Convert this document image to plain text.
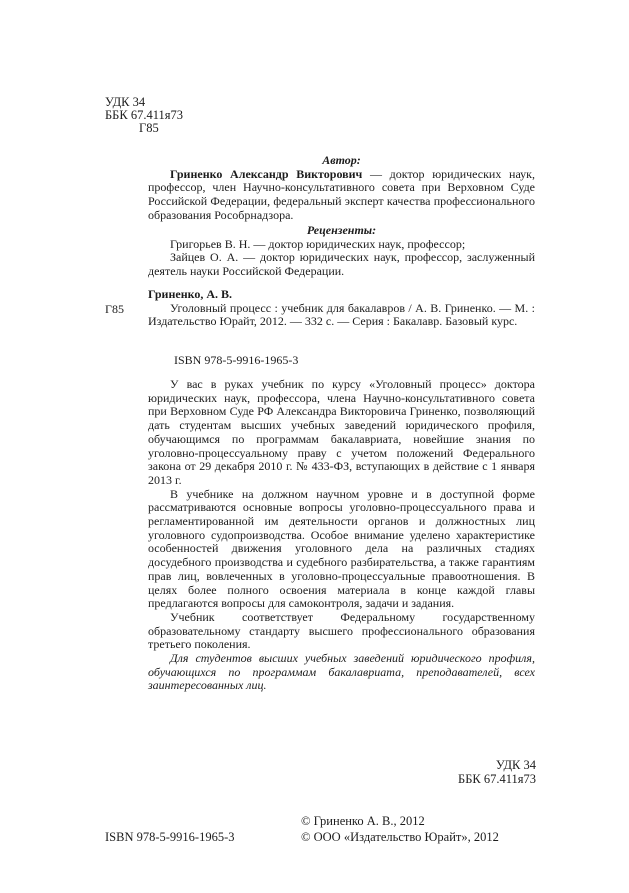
УДК 34
ББК 67.411я73
Г85
Автор:
Гриненко Александр Викторович — доктор юридических наук, профессор, член Научно-консультативного совета при Верховном Суде Российской Федерации, федеральный эксперт качества профессионального образования Рособрнадзора.
Рецензенты:
Григорьев В. Н. — доктор юридических наук, профессор;
Зайцев О. А. — доктор юридических наук, профессор, заслуженный деятель науки Российской Федерации.
Г85
Гриненко, А. В.
Уголовный процесс : учебник для бакалавров / А. В. Гриненко. — М. : Издательство Юрайт, 2012. — 332 с. — Серия : Бакалавр. Базовый курс.
ISBN 978-5-9916-1965-3
У вас в руках учебник по курсу «Уголовный процесс» доктора юридических наук, профессора, члена Научно-консультативного совета при Верховном Суде РФ Александра Викторовича Гриненко, позволяющий дать студентам высших учебных заведений юридического профиля, обучающимся по программам бакалавриата, новейшие знания по уголовно-процессуальному праву с учетом положений Федерального закона от 29 декабря 2010 г. № 433-ФЗ, вступающих в действие с 1 января 2013 г.
В учебнике на должном научном уровне и в доступной форме рассматриваются основные вопросы уголовно-процессуального права и регламентированной им деятельности органов и должностных лиц уголовного судопроизводства. Особое внимание уделено характеристике особенностей движения уголовного дела на различных стадиях досудебного производства и судебного разбирательства, а также гарантиям прав лиц, вовлеченных в уголовно-процессуальные правоотношения. В целях более полного освоения материала в конце каждой главы предлагаются вопросы для самоконтроля, задачи и задания.
Учебник соответствует Федеральному государственному образовательному стандарту высшего профессионального образования третьего поколения.
Для студентов высших учебных заведений юридического профиля, обучающихся по программам бакалавриата, преподавателей, всех заинтересованных лиц.
УДК 34
ББК 67.411я73
© Гриненко А. В., 2012
ISBN 978-5-9916-1965-3	© ООО «Издательство Юрайт», 2012
